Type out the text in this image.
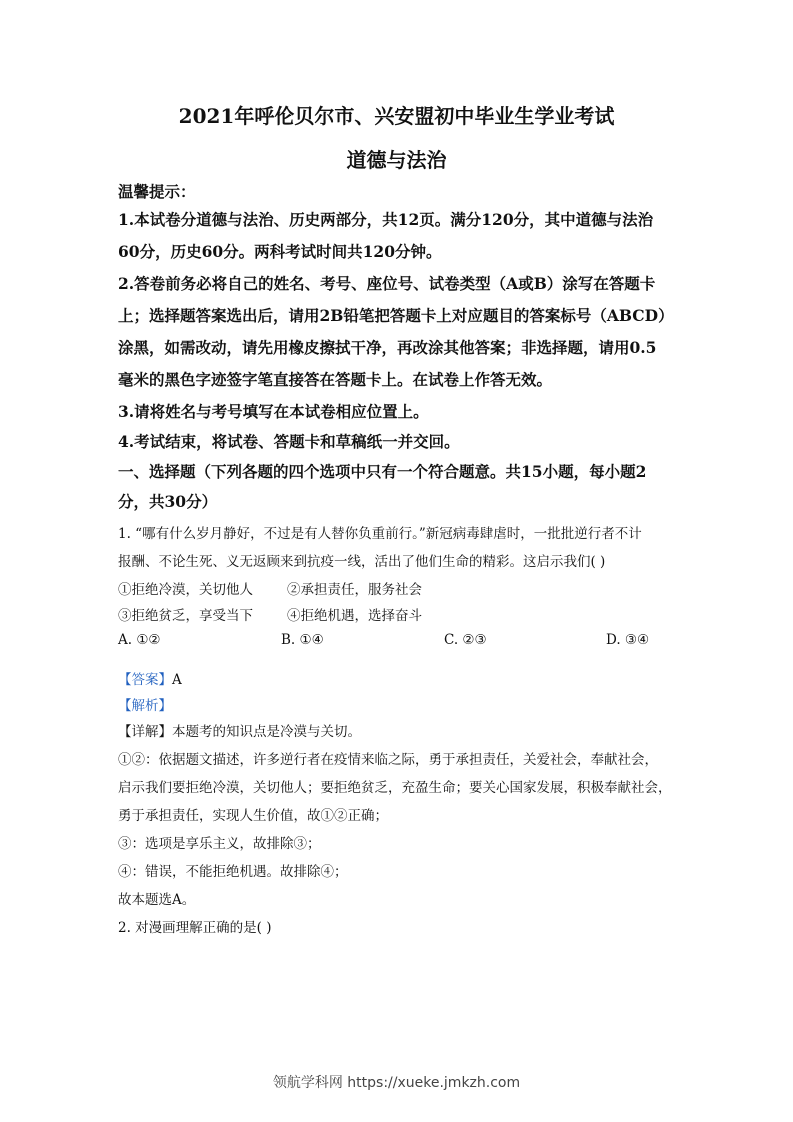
2021年呼伦贝尔市、兴安盟初中毕业生学业考试
道德与法治
温馨提示：
1.本试卷分道德与法治、历史两部分，共12页。满分120分，其中道德与法治
60分，历史60分。两科考试时间共120分钟。
2.答卷前务必将自己的姓名、考号、座位号、试卷类型（A或B）涂写在答题卡
上；选择题答案选出后，请用2B铅笔把答题卡上对应题目的答案标号（ABCD）
涂黑，如需改动，请先用橡皮擦拭干净，再改涂其他答案；非选择题，请用0.5
毫米的黑色字迹签字笔直接答在答题卡上。在试卷上作答无效。
3.请将姓名与考号填写在本试卷相应位置上。
4.考试结束，将试卷、答题卡和草稿纸一并交回。
一、选择题（下列各题的四个选项中只有一个符合题意。共15小题，每小题2
分，共30分）
1. “哪有什么岁月静好，不过是有人替你负重前行。”新冠病毒肆虐时，一批批逆行者不计
报酬、不论生死、义无返顾来到抗疫一线，活出了他们生命的精彩。这启示我们( )
①拒绝冷漠，关切他人	②承担责任，服务社会
③拒绝贫乏，享受当下	④拒绝机遇，选择奋斗
A. ①②	B. ①④	C. ②③	D. ③④
【答案】A
【解析】
【详解】本题考的知识点是冷漠与关切。
①②：依据题文描述，许多逆行者在疫情来临之际，勇于承担责任，关爱社会，奉献社会，
启示我们要拒绝冷漠，关切他人；要拒绝贫乏，充盈生命；要关心国家发展，积极奉献社会，
勇于承担责任，实现人生价值，故①②正确；
③：选项是享乐主义，故排除③；
④：错误，不能拒绝机遇。故排除④；
故本题选A。
2. 对漫画理解正确的是( )
领航学科网 https://xueke.jmkzh.com
